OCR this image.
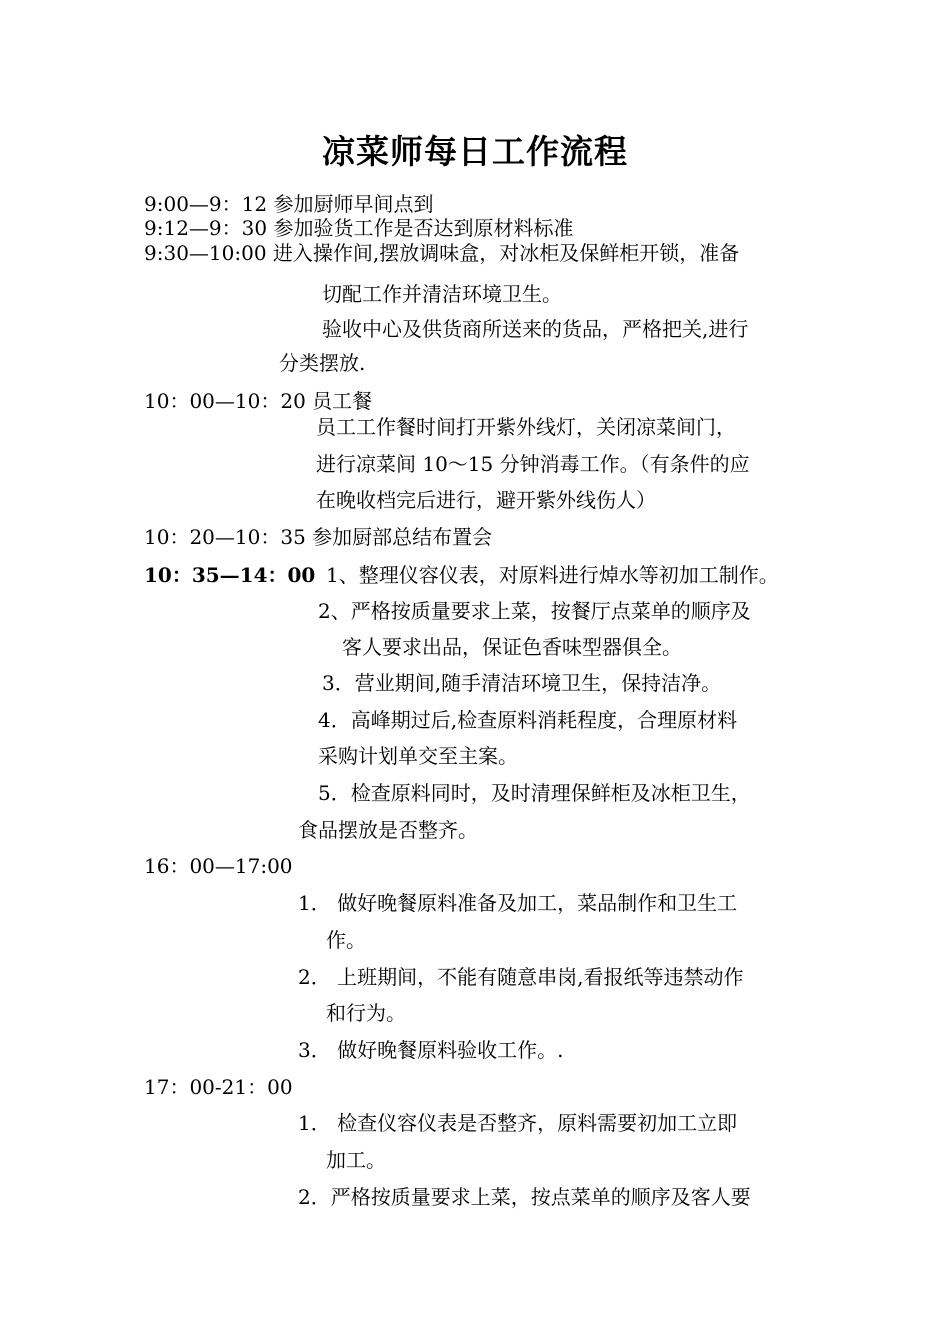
凉菜师每日工作流程
9:00—9：12 参加厨师早间点到
9:12—9：30 参加验货工作是否达到原材料标准
9:30—10:00 进入操作间,摆放调味盒，对冰柜及保鲜柜开锁，准备
切配工作并清洁环境卫生。
验收中心及供货商所送来的货品，严格把关,进行
分类摆放.
10：00—10：20 员工餐
员工工作餐时间打开紫外线灯，关闭凉菜间门，
进行凉菜间 10～15 分钟消毒工作。（有条件的应
在晚收档完后进行，避开紫外线伤人）
10：20—10：35 参加厨部总结布置会
10：35—14：00 1、整理仪容仪表，对原料进行焯水等初加工制作。
2、严格按质量要求上菜，按餐厅点菜单的顺序及
客人要求出品，保证色香味型器俱全。
3．营业期间,随手清洁环境卫生，保持洁净。
4．高峰期过后,检查原料消耗程度，合理原材料
采购计划单交至主案。
5．检查原料同时，及时清理保鲜柜及冰柜卫生，
食品摆放是否整齐。
16：00—17:00
1． 做好晚餐原料准备及加工，菜品制作和卫生工
作。
2． 上班期间，不能有随意串岗,看报纸等违禁动作
和行为。
3． 做好晚餐原料验收工作。.
17：00-21：00
1． 检查仪容仪表是否整齐，原料需要初加工立即
加工。
2．严格按质量要求上菜，按点菜单的顺序及客人要
